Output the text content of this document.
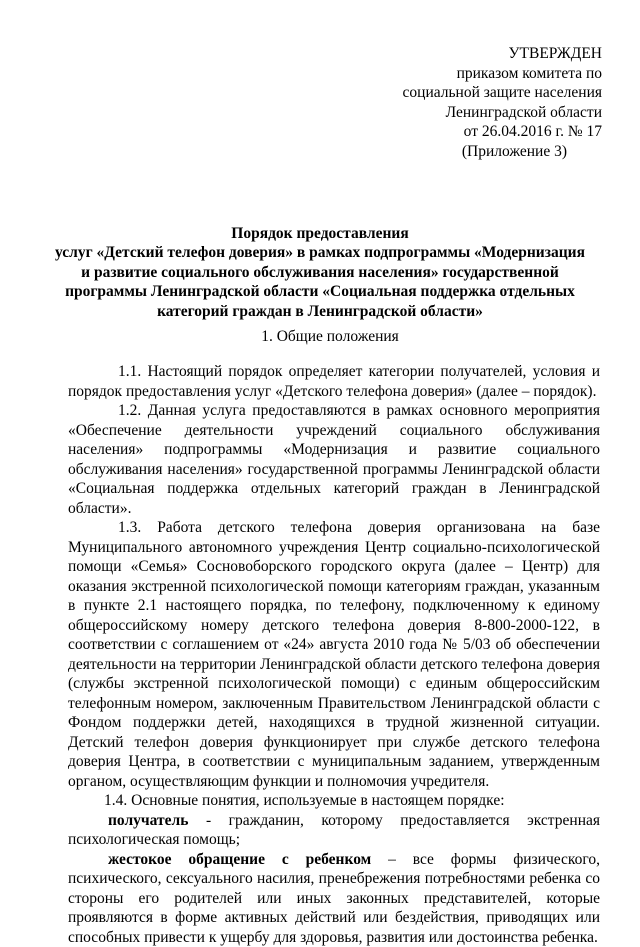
УТВЕРЖДЕН
приказом комитета по
социальной защите населения
Ленинградской области
от 26.04.2016 г. № 17
(Приложение 3)
Порядок предоставления
услуг «Детский телефон доверия» в рамках подпрограммы «Модернизация
и развитие социального обслуживания населения» государственной
программы Ленинградской области «Социальная поддержка отдельных
категорий граждан в Ленинградской области»
1. Общие положения

1.1. Настоящий порядок определяет категории получателей, условия и порядок предоставления услуг «Детского телефона доверия» (далее – порядок).

1.2. Данная услуга предоставляются в рамках основного мероприятия «Обеспечение деятельности учреждений социального обслуживания населения» подпрограммы «Модернизация и развитие социального обслуживания населения» государственной программы Ленинградской области «Социальная поддержка отдельных категорий граждан в Ленинградской области».

1.3. Работа детского телефона доверия организована на базе Муниципального автономного учреждения Центр социально-психологической помощи «Семья» Сосновоборского городского округа (далее – Центр) для оказания экстренной психологической помощи категориям граждан, указанным в пункте 2.1 настоящего порядка, по телефону, подключенному к единому общероссийскому номеру детского телефона доверия 8-800-2000-122, в соответствии с соглашением от «24» августа 2010 года № 5/03 об обеспечении деятельности на территории Ленинградской области детского телефона доверия (службы экстренной психологической помощи) с единым общероссийским телефонным номером, заключенным Правительством Ленинградской области с Фондом поддержки детей, находящихся в трудной жизненной ситуации. Детский телефон доверия функционирует при службе детского телефона доверия Центра, в соответствии с муниципальным заданием, утвержденным органом, осуществляющим функции и полномочия учредителя.

1.4. Основные понятия, используемые в настоящем порядке:

получатель - гражданин, которому предоставляется экстренная психологическая помощь;

жестокое обращение с ребенком – все формы физического, психического, сексуального насилия, пренебрежения потребностями ребенка со стороны его родителей или иных законных представителей, которые проявляются в форме активных действий или бездействия, приводящих или способных привести к ущербу для здоровья, развития или достоинства ребенка.
